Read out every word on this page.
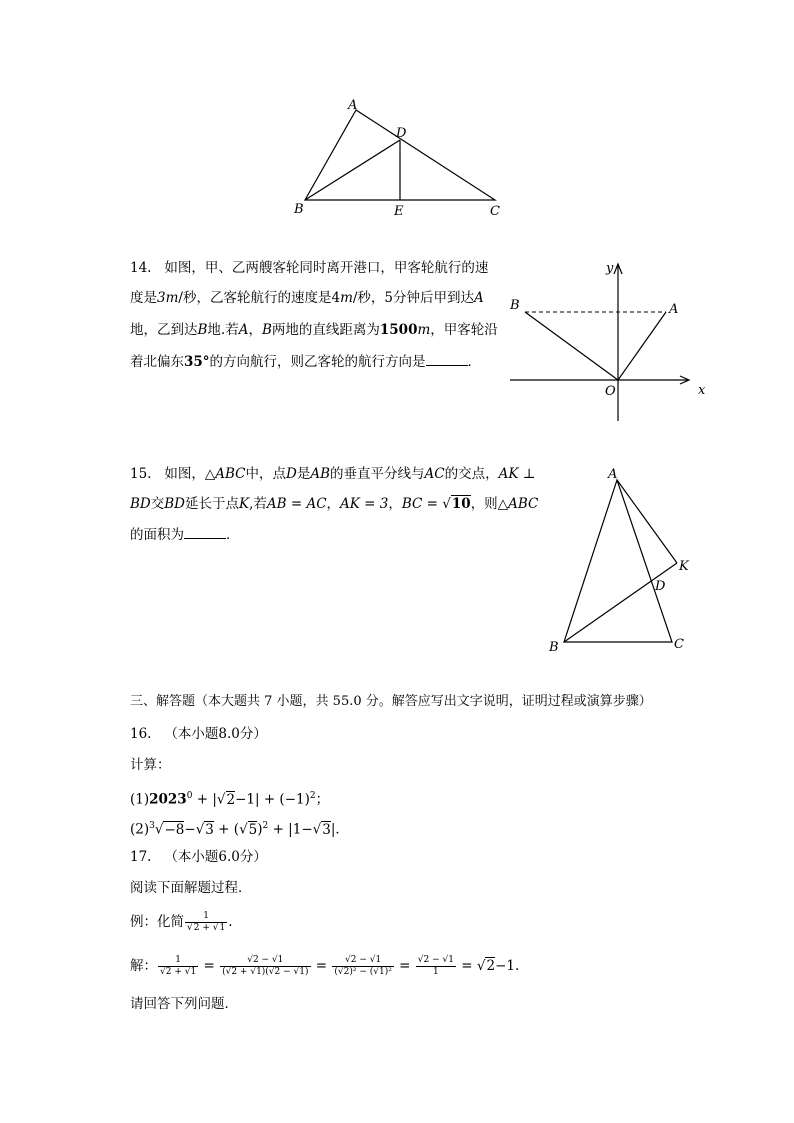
A
D
B	E	C
14. 如图，甲、乙两艘客轮同时离开港口，甲客轮航行的速
度是3m/秒，乙客轮航行的速度是4m/秒，5分钟后甲到达A
地，乙到达B地.若A，B两地的直线距离为1500m，甲客轮沿
着北偏东35°的方向航行，则乙客轮的航行方向是	．
y
x
O
A
B
15. 如图，△ABC中，点D是AB的垂直平分线与AC的交点，AK ⊥
BD交BD延长于点K,若AB = AC，AK = 3，BC = √10，则△ABC
的面积为	．
A
K
D
B	C
三、解答题（本大题共 7 小题，共 55.0 分。解答应写出文字说明，证明过程或演算步骤）
16. （本小题8.0分）
计算：
$(1)2023^0 + |√2-1| + (-1)^2$；
$(2)^3√-8-√3 + (√5)^2 + |1-√3|$．
17. （本小题6.0分）
阅读下面解题过程．
例：化简 $\frac{1}{√2 + √1}$ .
解： $\frac{1}{√2 + √1} = \frac{√2 - √1}{(√2 + √1)(√2 - √1)} = \frac{√2 - √1}{\text{(√2)² − (√1)²}} = \frac{√2 - √1}{1} = √2-1$.
请回答下列问题．
